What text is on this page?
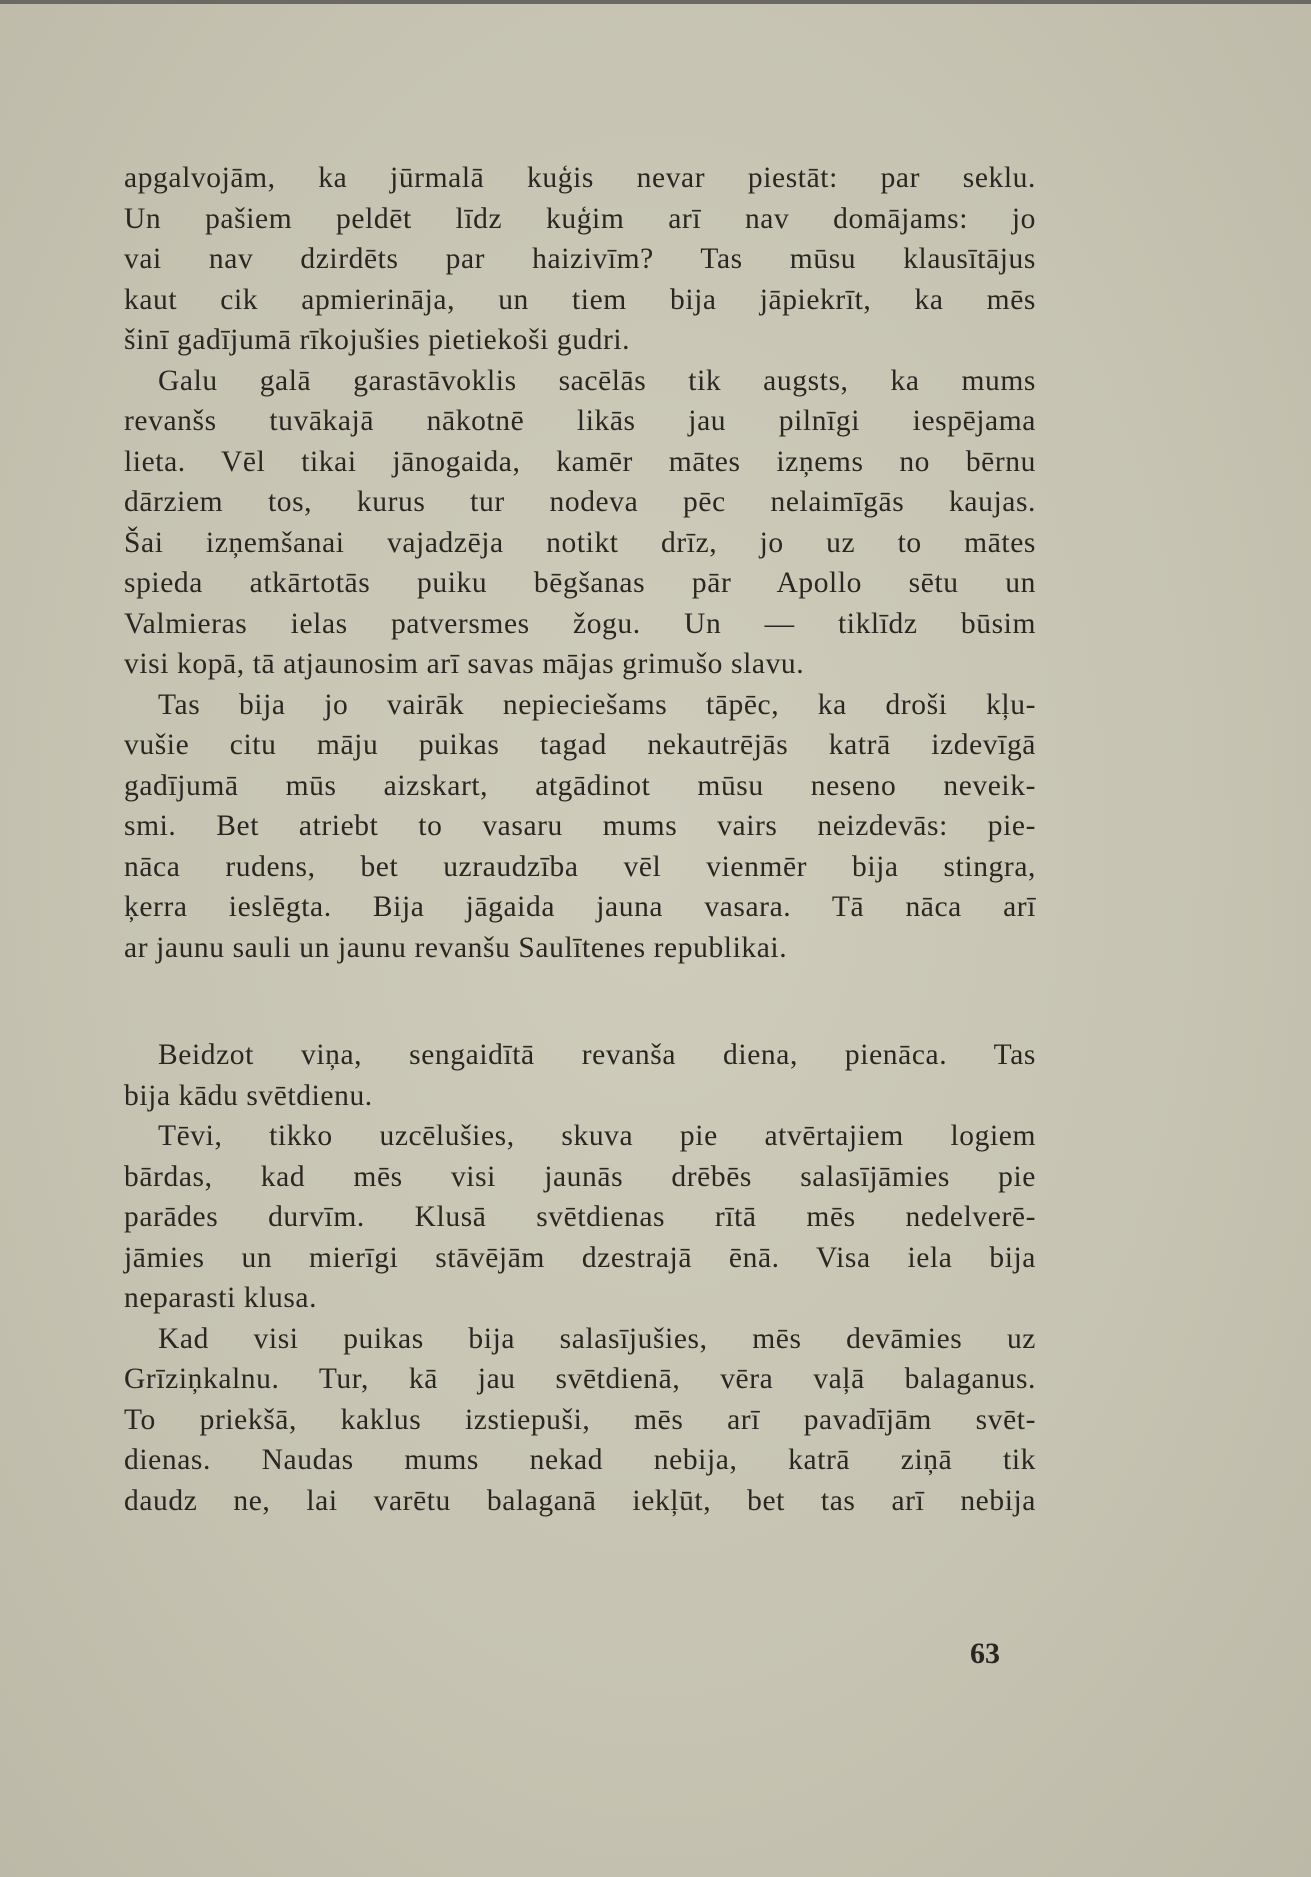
apgalvojām, ka jūrmalā kuģis nevar piestāt: par seklu.
Un pašiem peldēt līdz kuģim arī nav domājams: jo
vai nav dzirdēts par haizivīm? Tas mūsu klausītājus
kaut cik apmierināja, un tiem bija jāpiekrīt, ka mēs
šinī gadījumā rīkojušies pietiekoši gudri.
Galu galā garastāvoklis sacēlās tik augsts, ka mums
revanšs tuvākajā nākotnē likās jau pilnīgi iespējama
lieta. Vēl tikai jānogaida, kamēr mātes izņems no bērnu
dārziem tos, kurus tur nodeva pēc nelaimīgās kaujas.
Šai izņemšanai vajadzēja notikt drīz, jo uz to mātes
spieda atkārtotās puiku bēgšanas pār Apollo sētu un
Valmieras ielas patversmes žogu. Un — tiklīdz būsim
visi kopā, tā atjaunosim arī savas mājas grimušo slavu.
Tas bija jo vairāk nepieciešams tāpēc, ka droši kļu-
vušie citu māju puikas tagad nekautrējās katrā izdevīgā
gadījumā mūs aizskart, atgādinot mūsu neseno neveik-
smi. Bet atriebt to vasaru mums vairs neizdevās: pie-
nāca rudens, bet uzraudzība vēl vienmēr bija stingra,
ķerra ieslēgta. Bija jāgaida jauna vasara. Tā nāca arī
ar jaunu sauli un jaunu revanšu Saulītenes republikai.
Beidzot viņa, sengaidītā revanša diena, pienāca. Tas
bija kādu svētdienu.
Tēvi, tikko uzcēlušies, skuva pie atvērtajiem logiem
bārdas, kad mēs visi jaunās drēbēs salasījāmies pie
parādes durvīm. Klusā svētdienas rītā mēs nedelverē-
jāmies un mierīgi stāvējām dzestrajā ēnā. Visa iela bija
neparasti klusa.
Kad visi puikas bija salasījušies, mēs devāmies uz
Grīziņkalnu. Tur, kā jau svētdienā, vēra vaļā balaganus.
To priekšā, kaklus izstiepuši, mēs arī pavadījām svēt-
dienas. Naudas mums nekad nebija, katrā ziņā tik
daudz ne, lai varētu balaganā iekļūt, bet tas arī nebija
63
